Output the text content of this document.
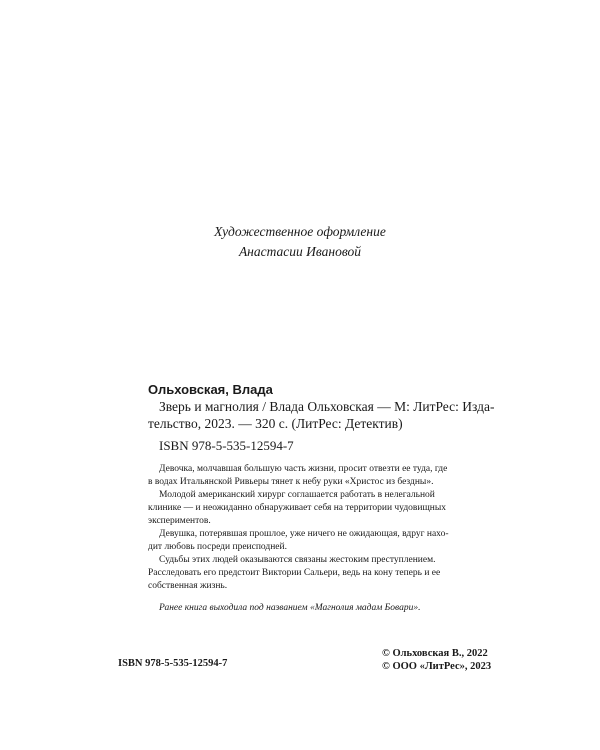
Художественное оформление
Анастасии Ивановой
Ольховская, Влада
Зверь и магнолия / Влада Ольховская — М: ЛитРес: Изда-
тельство, 2023. — 320 с. (ЛитРес: Детектив)
ISBN 978-5-535-12594-7
Девочка, молчавшая большую часть жизни, просит отвезти ее туда, где
в водах Итальянской Ривьеры тянет к небу руки «Христос из бездны».
Молодой американский хирург соглашается работать в нелегальной
клинике — и неожиданно обнаруживает себя на территории чудовищных
экспериментов.
Девушка, потерявшая прошлое, уже ничего не ожидающая, вдруг нахо-
дит любовь посреди преисподней.
Судьбы этих людей оказываются связаны жестоким преступлением.
Расследовать его предстоит Виктории Сальери, ведь на кону теперь и ее
собственная жизнь.
Ранее книга выходила под названием «Магнолия мадам Бовари».
ISBN 978-5-535-12594-7
© Ольховская В., 2022
© ООО «ЛитРес», 2023
